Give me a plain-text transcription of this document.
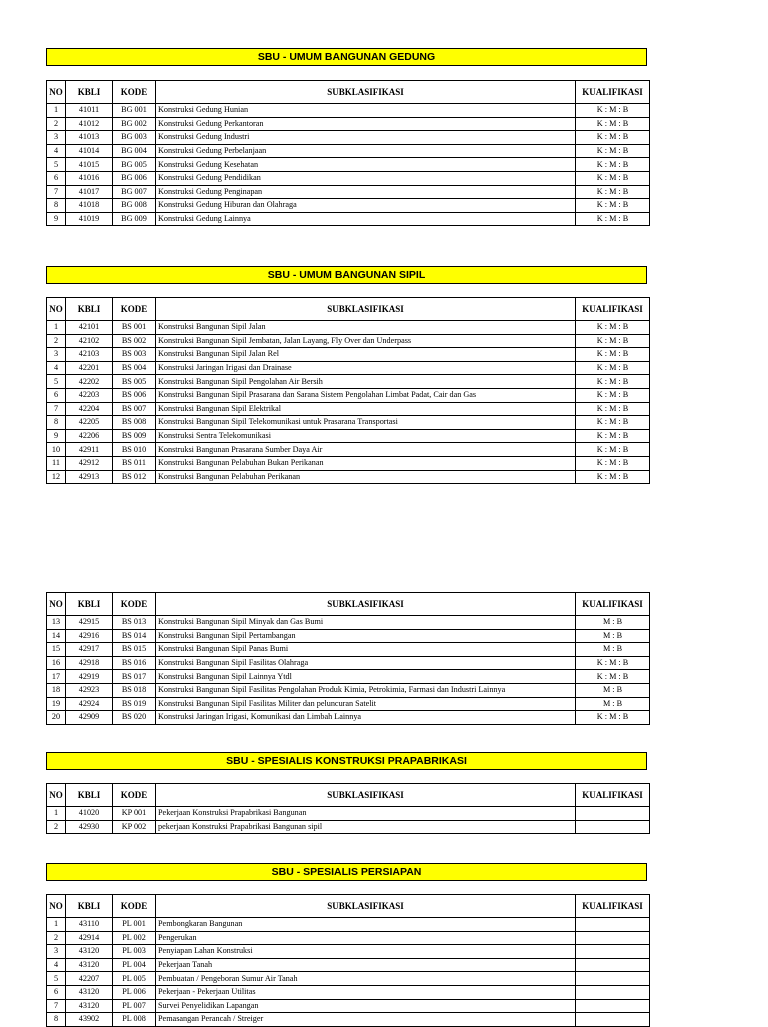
SBU - UMUM BANGUNAN GEDUNG
NO	KBLI	KODE	SUBKLASIFIKASI	KUALIFIKASI
1	41011	BG 001	Konstruksi Gedung Hunian	K : M : B
2	41012	BG 002	Konstruksi Gedung Perkantoran	K : M : B
3	41013	BG 003	Konstruksi Gedung Industri	K : M : B
4	41014	BG 004	Konstruksi Gedung Perbelanjaan	K : M : B
5	41015	BG 005	Konstruksi Gedung Kesehatan	K : M : B
6	41016	BG 006	Konstruksi Gedung Pendidikan	K : M : B
7	41017	BG 007	Konstruksi Gedung Penginapan	K : M : B
8	41018	BG 008	Konstruksi Gedung Hiburan dan Olahraga	K : M : B
9	41019	BG 009	Konstruksi Gedung Lainnya	K : M : B
SBU - UMUM BANGUNAN SIPIL
NO	KBLI	KODE	SUBKLASIFIKASI	KUALIFIKASI
1	42101	BS 001	Konstruksi Bangunan Sipil Jalan	K : M : B
2	42102	BS 002	Konstruksi Bangunan Sipil Jembatan, Jalan Layang, Fly Over dan Underpass	K : M : B
3	42103	BS 003	Konstruksi Bangunan Sipil Jalan Rel	K : M : B
4	42201	BS 004	Konstruksi Jaringan Irigasi dan Drainase	K : M : B
5	42202	BS 005	Konstruksi Bangunan Sipil Pengolahan Air Bersih	K : M : B
6	42203	BS 006	Konstruksi Bangunan Sipil Prasarana dan Sarana Sistem Pengolahan Limbat Padat, Cair dan Gas	K : M : B
7	42204	BS 007	Konstruksi Bangunan Sipil Elektrikal	K : M : B
8	42205	BS 008	Konstruksi Bangunan Sipil Telekomunikasi untuk Prasarana Transportasi	K : M : B
9	42206	BS 009	Konstruksi Sentra Telekomunikasi	K : M : B
10	42911	BS 010	Konstruksi Bangunan Prasarana Sumber Daya Air	K : M : B
11	42912	BS 011	Konstruksi Bangunan Pelabuhan Bukan Perikanan	K : M : B
12	42913	BS 012	Konstruksi Bangunan Pelabuhan Perikanan	K : M : B
NO	KBLI	KODE	SUBKLASIFIKASI	KUALIFIKASI
13	42915	BS 013	Konstruksi Bangunan Sipil Minyak dan Gas Bumi	M : B
14	42916	BS 014	Konstruksi Bangunan Sipil Pertambangan	M : B
15	42917	BS 015	Konstruksi Bangunan Sipil Panas Bumi	M : B
16	42918	BS 016	Konstruksi Bangunan Sipil Fasilitas Olahraga	K : M : B
17	42919	BS 017	Konstruksi Bangunan Sipil Lainnya Ytdl	K : M : B
18	42923	BS 018	Konstruksi Bangunan Sipil Fasilitas Pengolahan Produk Kimia, Petrokimia, Farmasi dan Industri Lainnya	M : B
19	42924	BS 019	Konstruksi Bangunan Sipil Fasilitas Militer dan peluncuran Satelit	M : B
20	42909	BS 020	Konstruksi Jaringan Irigasi, Komunikasi dan Limbah Lainnya	K : M : B
SBU - SPESIALIS KONSTRUKSI PRAPABRIKASI
NO	KBLI	KODE	SUBKLASIFIKASI	KUALIFIKASI
1	41020	KP 001	Pekerjaan Konstruksi Prapabrikasi Bangunan	
2	42930	KP 002	pekerjaan Konstruksi Prapabrikasi Bangunan sipil	
SBU - SPESIALIS PERSIAPAN
NO	KBLI	KODE	SUBKLASIFIKASI	KUALIFIKASI
1	43110	PL 001	Pembongkaran Bangunan	
2	42914	PL 002	Pengerukan	
3	43120	PL 003	Penyiapan Lahan Konstruksi	
4	43120	PL 004	Pekerjaan Tanah	
5	42207	PL 005	Pembuatan / Pengeboran Sumur Air Tanah	
6	43120	PL 006	Pekerjaan - Pekerjaan Utilitas	
7	43120	PL 007	Survei Penyelidikan Lapangan	
8	43902	PL 008	Pemasangan Perancah / Streiger	
